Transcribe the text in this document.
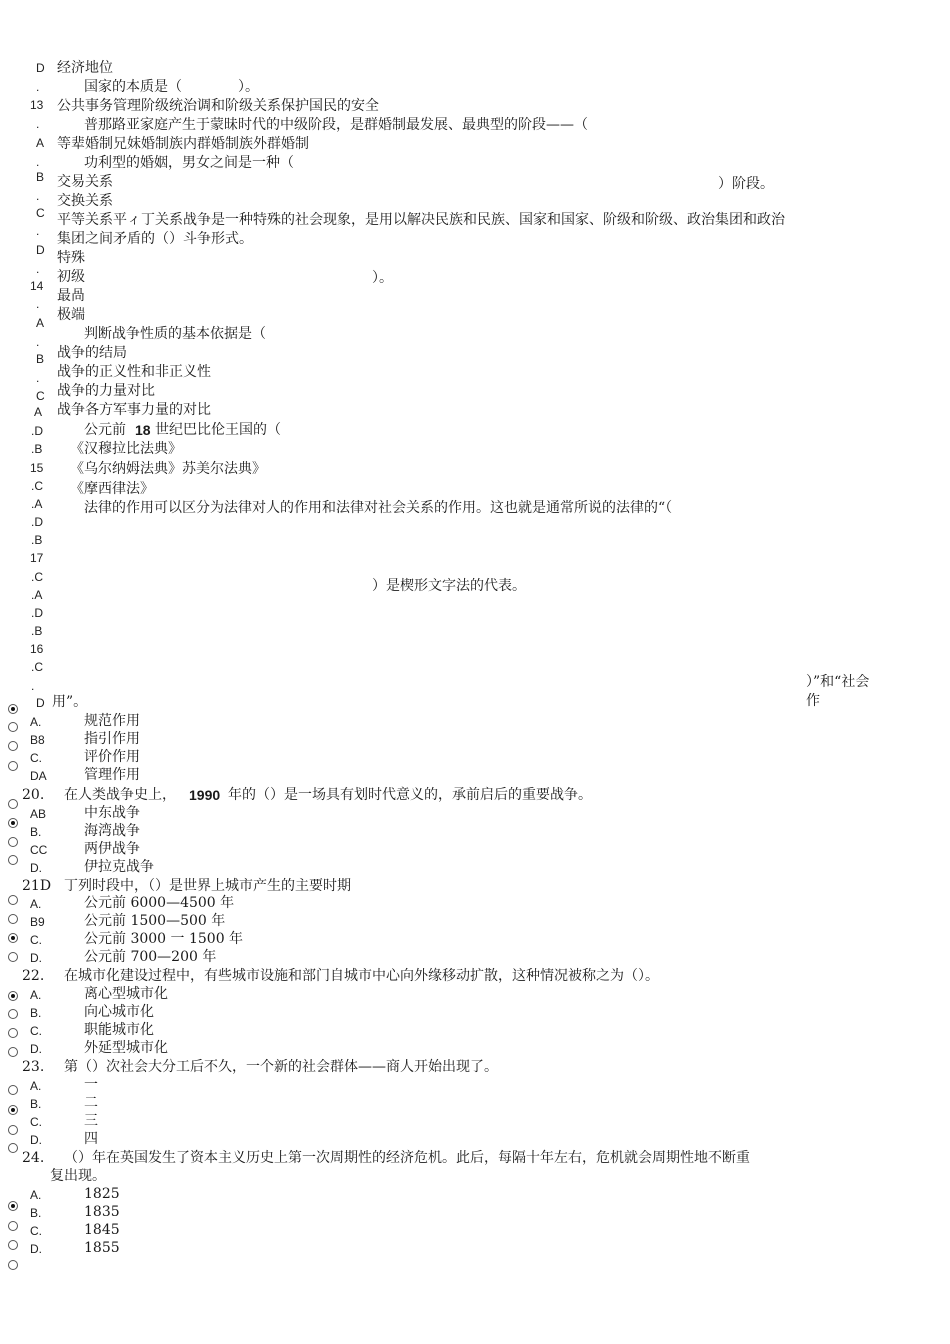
D
.
13
.
A
.
B
.
C
.
D
.
14
.
A
.
B
.
C
A
.D
.B
15
.C
.A
.D
.B
17
.C
.A
.D
.B
16
.C
.
D
经济地位
国家的本质是（　　　　）。
公共事务管理阶级统治调和阶级关系保护国民的安全
普那路亚家庭产生于蒙昧时代的中级阶段，是群婚制最发展、最典型的阶段——（
等辈婚制兄妹婚制族内群婚制族外群婚制
功利型的婚姻，男女之间是一种（
交易关系	）阶段。
交换关系
平等关系平ィ丁关系战争是一种特殊的社会现象，是用以解决民族和民族、国家和国家、阶级和阶级、政治集团和政治
集团之间矛盾的（）斗争形式。
特殊
初级	）。
最咼
极端
判断战争性质的基本依据是（
战争的结局
战争的正义性和非正义性
战争的力量对比
战争各方军事力量的对比
公元前 18 世纪巴比伦王国的（
《汉穆拉比法典》
《乌尔纳姆法典》苏美尔法典》
《摩西律法》
法律的作用可以区分为法律对人的作用和法律对社会关系的作用。这也就是通常所说的法律的“（
）是楔形文字法的代表。
）”和“社会
作
用”。
A.	规范作用
B8	指引作用
C.	评价作用
DA	管理作用
20. 在人类战争史上， 1990 年的（）是一场具有划时代意义的，承前启后的重要战争。
AB	中东战争
B.	海湾战争
CC	两伊战争
D.	伊拉克战争
21D 丁列时段中，（）是世界上城市产生的主要时期
A.	公元前 6000—4500 年
B9	公元前 1500—500 年
C.	公元前 3000 一 1500 年
D.	公元前 700—200 年
22. 在城市化建设过程中，有些城市设施和部门自城市中心向外缘移动扩散，这种情况被称之为（）。
A.	离心型城市化
B.	向心城市化
C.	职能城市化
D.	外延型城市化
23. 第（）次社会大分工后不久，一个新的社会群体——商人开始出现了。
A.	一
B.	二
C.	三
D.	四
24. （）年在英国发生了资本主义历史上第一次周期性的经济危机。此后，每隔十年左右，危机就会周期性地不断重
复出现。
A.	1825
B.	1835
C.	1845
D.	1855
